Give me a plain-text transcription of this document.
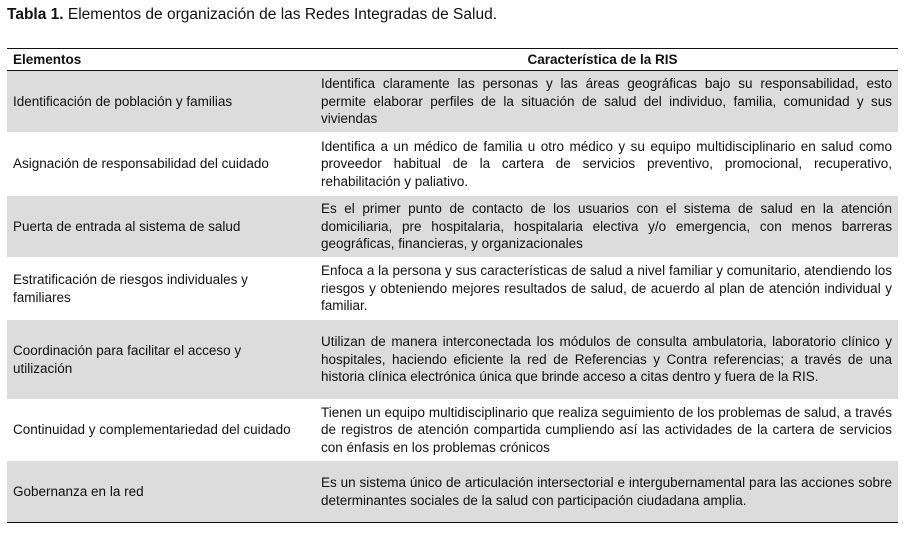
Tabla 1. Elementos de organización de las Redes Integradas de Salud.
Elementos	Característica de la RIS
Identificación de población y familias
Identifica claramente las personas y las áreas geográficas bajo su responsabilidad, esto permite elaborar perfiles de la situación de salud del individuo, familia, comunidad y sus viviendas
Asignación de responsabilidad del cuidado
Identifica a un médico de familia u otro médico y su equipo multidisciplinario en salud como proveedor habitual de la cartera de servicios preventivo, promocional, recuperativo, rehabilitación y paliativo.
Puerta de entrada al sistema de salud
Es el primer punto de contacto de los usuarios con el sistema de salud en la atención domiciliaria, pre hospitalaria, hospitalaria electiva y/o emergencia, con menos barreras geográficas, financieras, y organizacionales
Estratificación de riesgos individuales y familiares
Enfoca a la persona y sus características de salud a nivel familiar y comunitario, atendiendo los riesgos y obteniendo mejores resultados de salud, de acuerdo al plan de atención individual y familiar.
Coordinación para facilitar el acceso y utilización
Utilizan de manera interconectada los módulos de consulta ambulatoria, laboratorio clínico y hospitales, haciendo eficiente la red de Referencias y Contra referencias; a través de una historia clínica electrónica única que brinde acceso a citas dentro y fuera de la RIS.
Continuidad y complementariedad del cuidado
Tienen un equipo multidisciplinario que realiza seguimiento de los problemas de salud, a través de registros de atención compartida cumpliendo así las actividades de la cartera de servicios con énfasis en los problemas crónicos
Gobernanza en la red
Es un sistema único de articulación intersectorial e intergubernamental para las acciones sobre determinantes sociales de la salud con participación ciudadana amplia.
